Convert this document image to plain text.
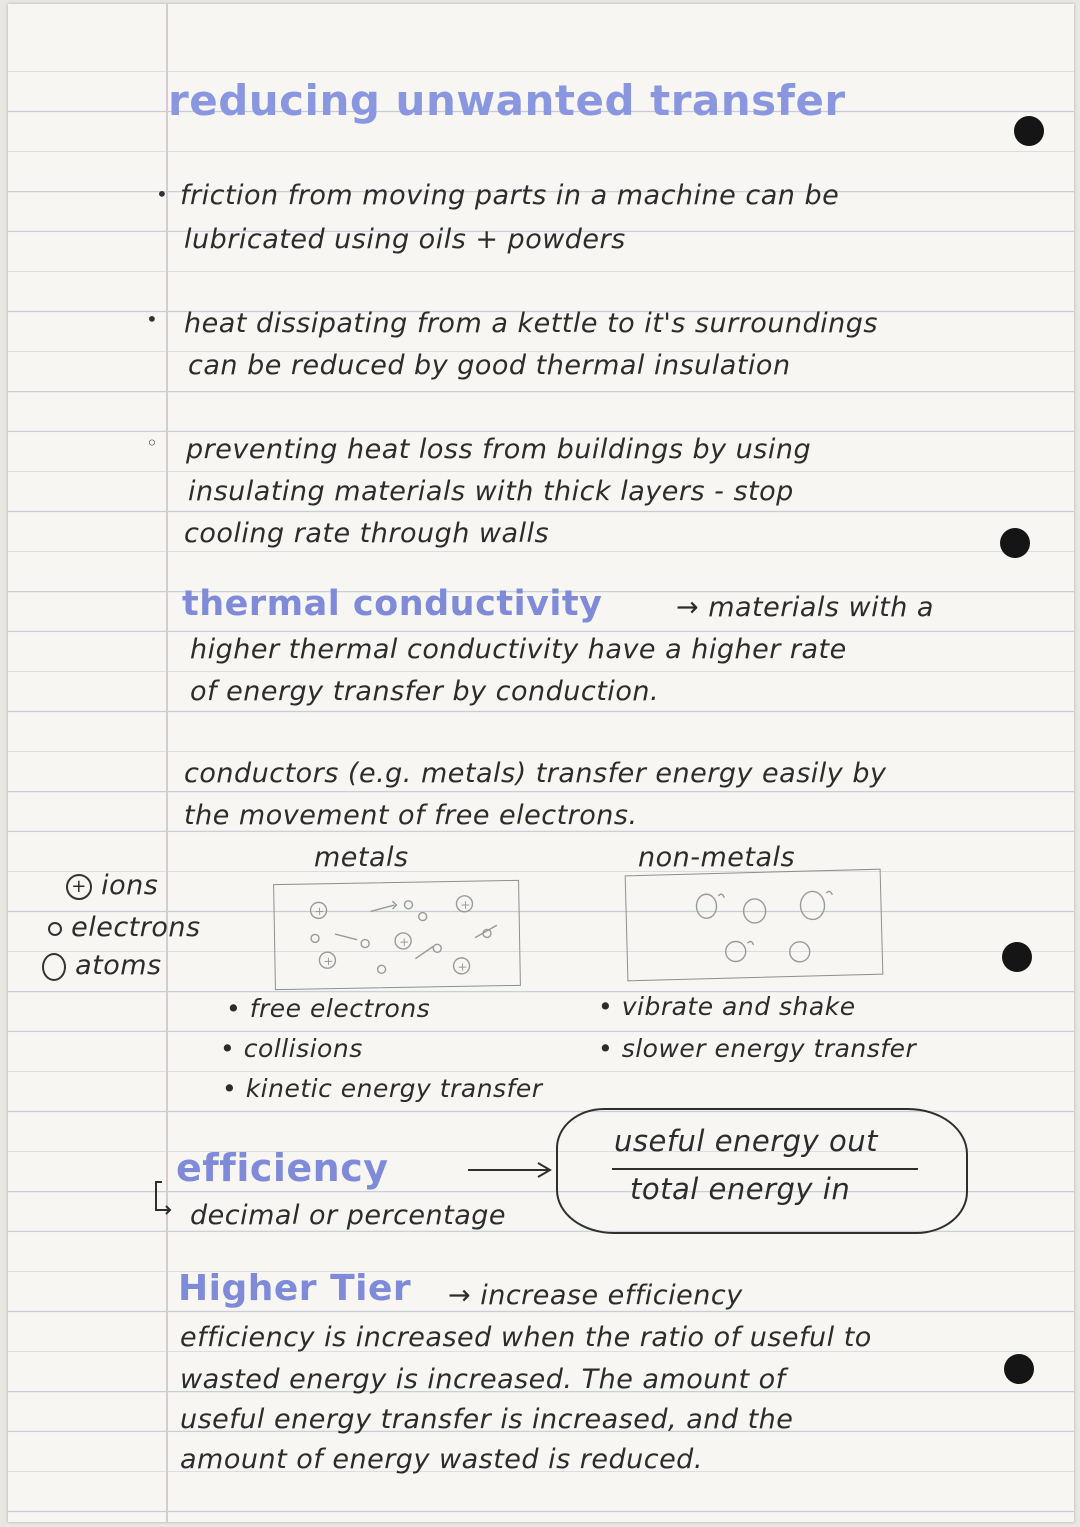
reducing unwanted transfer
• friction from moving parts in a machine can be
lubricated using oils + powders
• heat dissipating from a kettle to it's surroundings
can be reduced by good thermal insulation
◦ preventing heat loss from buildings by using
insulating materials with thick layers - stop
cooling rate through walls
thermal conductivity	→ materials with a
higher thermal conductivity have a higher rate
of energy transfer by conduction.
conductors (e.g. metals) transfer energy easily by
the movement of free electrons.
metals	non-metals
+ ions
electrons
atoms
+
+
+
+	+
• free electrons
• collisions
• kinetic energy transfer
• vibrate and shake
• slower energy transfer
efficiency
decimal or percentage
useful energy out
total energy in
Higher Tier → increase efficiency
efficiency is increased when the ratio of useful to
wasted energy is increased. The amount of
useful energy transfer is increased, and the
amount of energy wasted is reduced.
